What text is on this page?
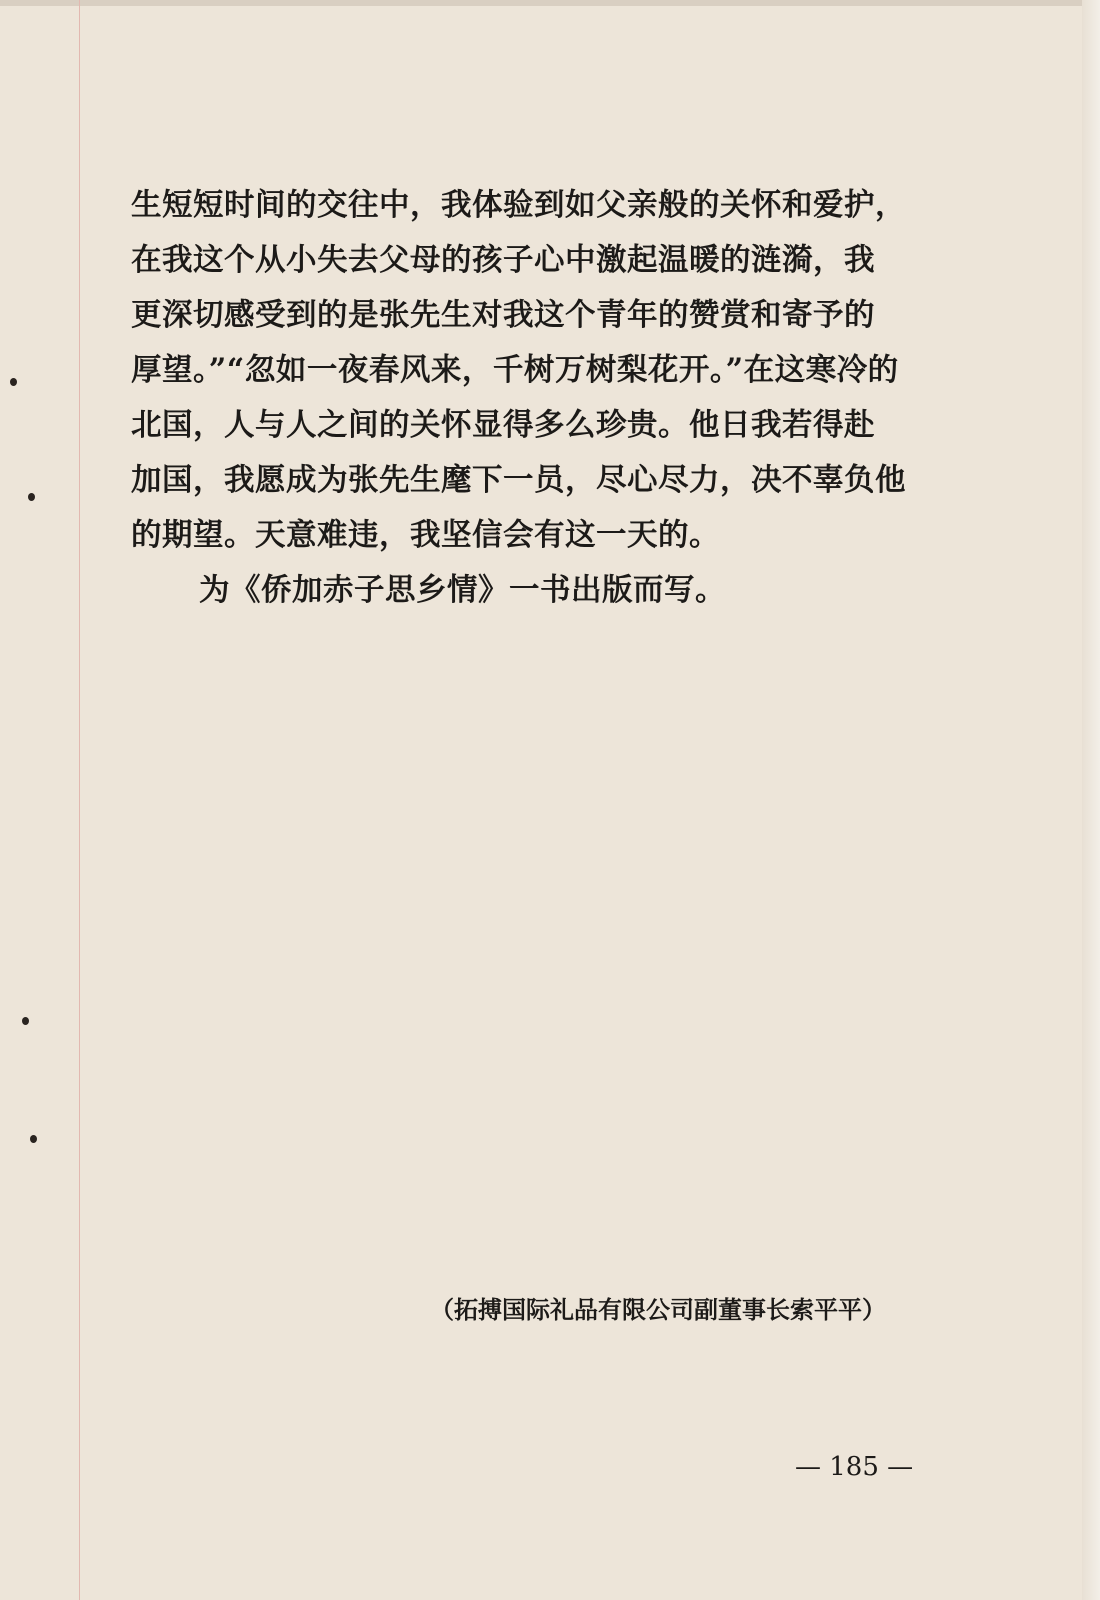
生短短时间的交往中，我体验到如父亲般的关怀和爱护，
在我这个从小失去父母的孩子心中激起温暖的涟漪，我
更深切感受到的是张先生对我这个青年的赞赏和寄予的
厚望。”“忽如一夜春风来，千树万树梨花开。”在这寒冷的
北国，人与人之间的关怀显得多么珍贵。他日我若得赴
加国，我愿成为张先生麾下一员，尽心尽力，决不辜负他
的期望。天意难违，我坚信会有这一天的。
为《侨加赤子思乡情》一书出版而写。
（拓搏国际礼品有限公司副董事长索平平）
— 185 —
